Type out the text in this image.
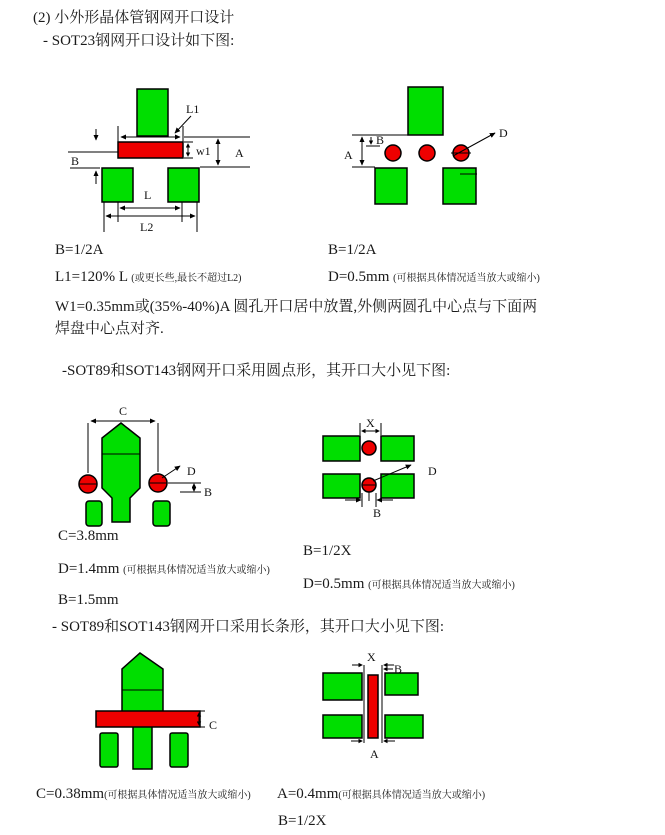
(2) 小外形晶体管钢网开口设计
- SOT23钢网开口设计如下图:
L1
w1 A
B
L
L2
A
B	D
B=1/2A	B=1/2A
L1=120% L (或更长些,最长不超过L2)	D=0.5mm (可根据具体情况适当放大或缩小)
W1=0.35mm或(35%-40%)A 圆孔开口居中放置,外侧两圆孔中心点与下面两
焊盘中心点对齐.
-SOT89和SOT143钢网开口采用圆点形，其开口大小见下图:
C
D
B
X
D
B
C=3.8mm
B=1/2X
D=1.4mm (可根据具体情况适当放大或缩小)
D=0.5mm (可根据具体情况适当放大或缩小)
B=1.5mm
- SOT89和SOT143钢网开口采用长条形，其开口大小见下图:
C
X
B
A
C=0.38mm(可根据具体情况适当放大或缩小) A=0.4mm(可根据具体情况适当放大或缩小)
B=1/2X
